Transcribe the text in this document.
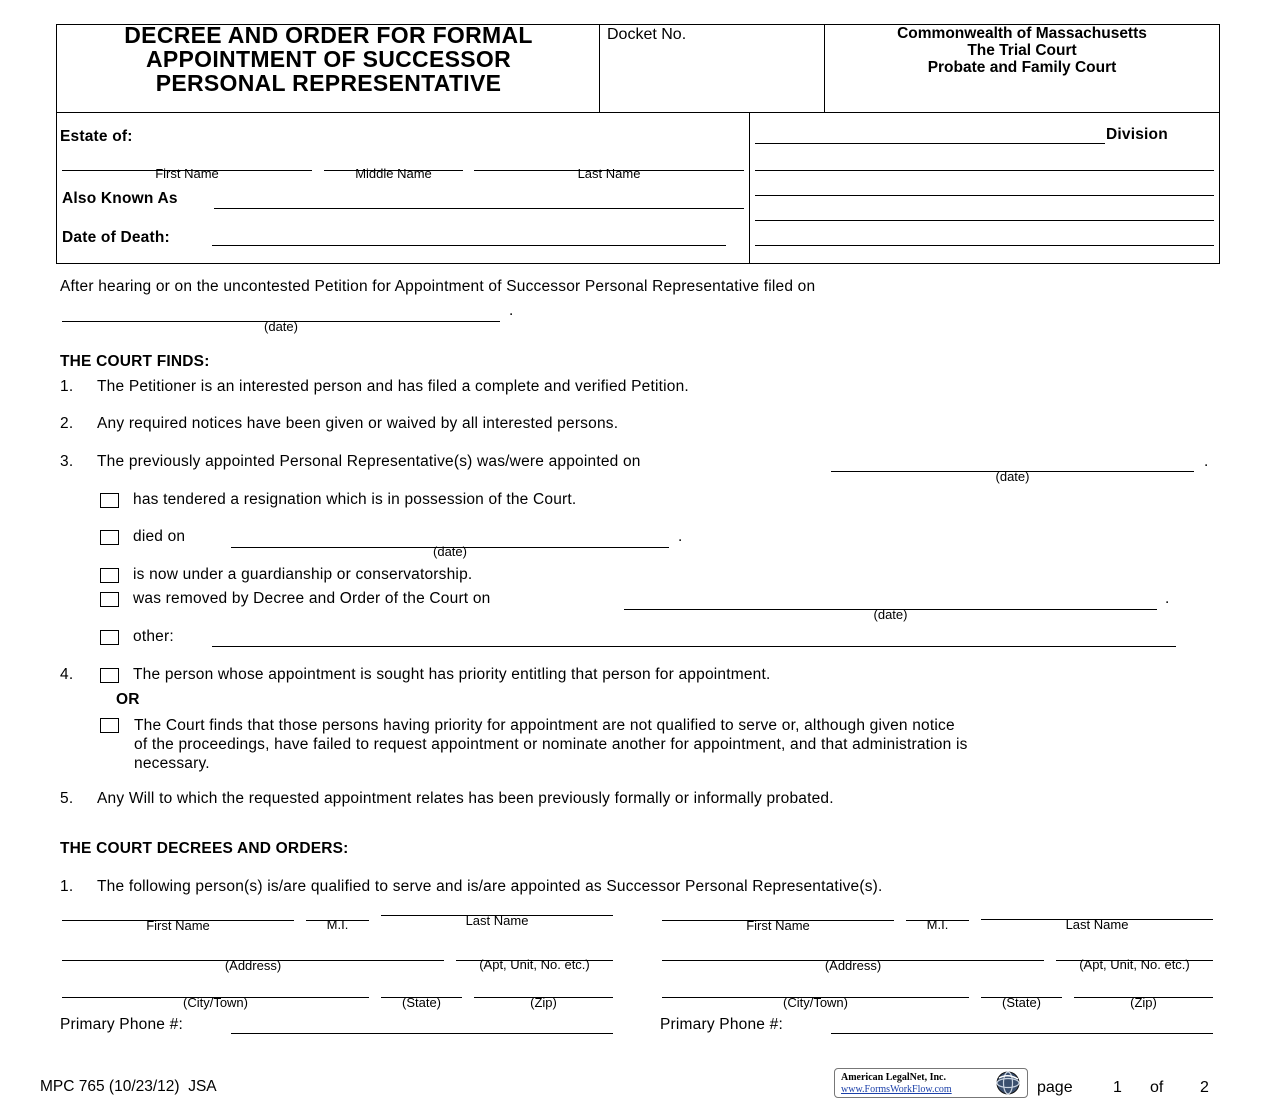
DECREE AND ORDER FOR FORMAL
APPOINTMENT OF SUCCESSOR
PERSONAL REPRESENTATIVE
Docket No.	Commonwealth of Massachusetts
The Trial Court
Probate and Family Court
Estate of:
First Name	Middle Name	Last Name
Also Known As
Date of Death:
Division
After hearing or on the uncontested Petition for Appointment of Successor Personal Representative filed on
(date)
.
THE COURT FINDS:
1. The Petitioner is an interested person and has filed a complete and verified Petition.
2. Any required notices have been given or waived by all interested persons.
3. The previously appointed Personal Representative(s) was/were appointed on
(date)
.
has tendered a resignation which is in possession of the Court.
died on
(date)
.
is now under a guardianship or conservatorship.
was removed by Decree and Order of the Court on
(date)
.
other:
4.	The person whose appointment is sought has priority entitling that person for appointment.
OR
The Court finds that those persons having priority for appointment are not qualified to serve or, although given notice
of the proceedings, have failed to request appointment or nominate another for appointment, and that administration is
necessary.
5. Any Will to which the requested appointment relates has been previously formally or informally probated.
THE COURT DECREES AND ORDERS:
1. The following person(s) is/are qualified to serve and is/are appointed as Successor Personal Representative(s).
First Name	M.I.	Last Name
(Address)	(Apt, Unit, No. etc.)
(City/Town)	(State)	(Zip)
Primary Phone #:
First Name	M.I.	Last Name
(Address)	(Apt, Unit, No. etc.)
(City/Town)	(State)	(Zip)
Primary Phone #:
MPC 765 (10/23/12)  JSA
American LegalNet, Inc.
www.FormsWorkFlow.com	page	1 of 2
